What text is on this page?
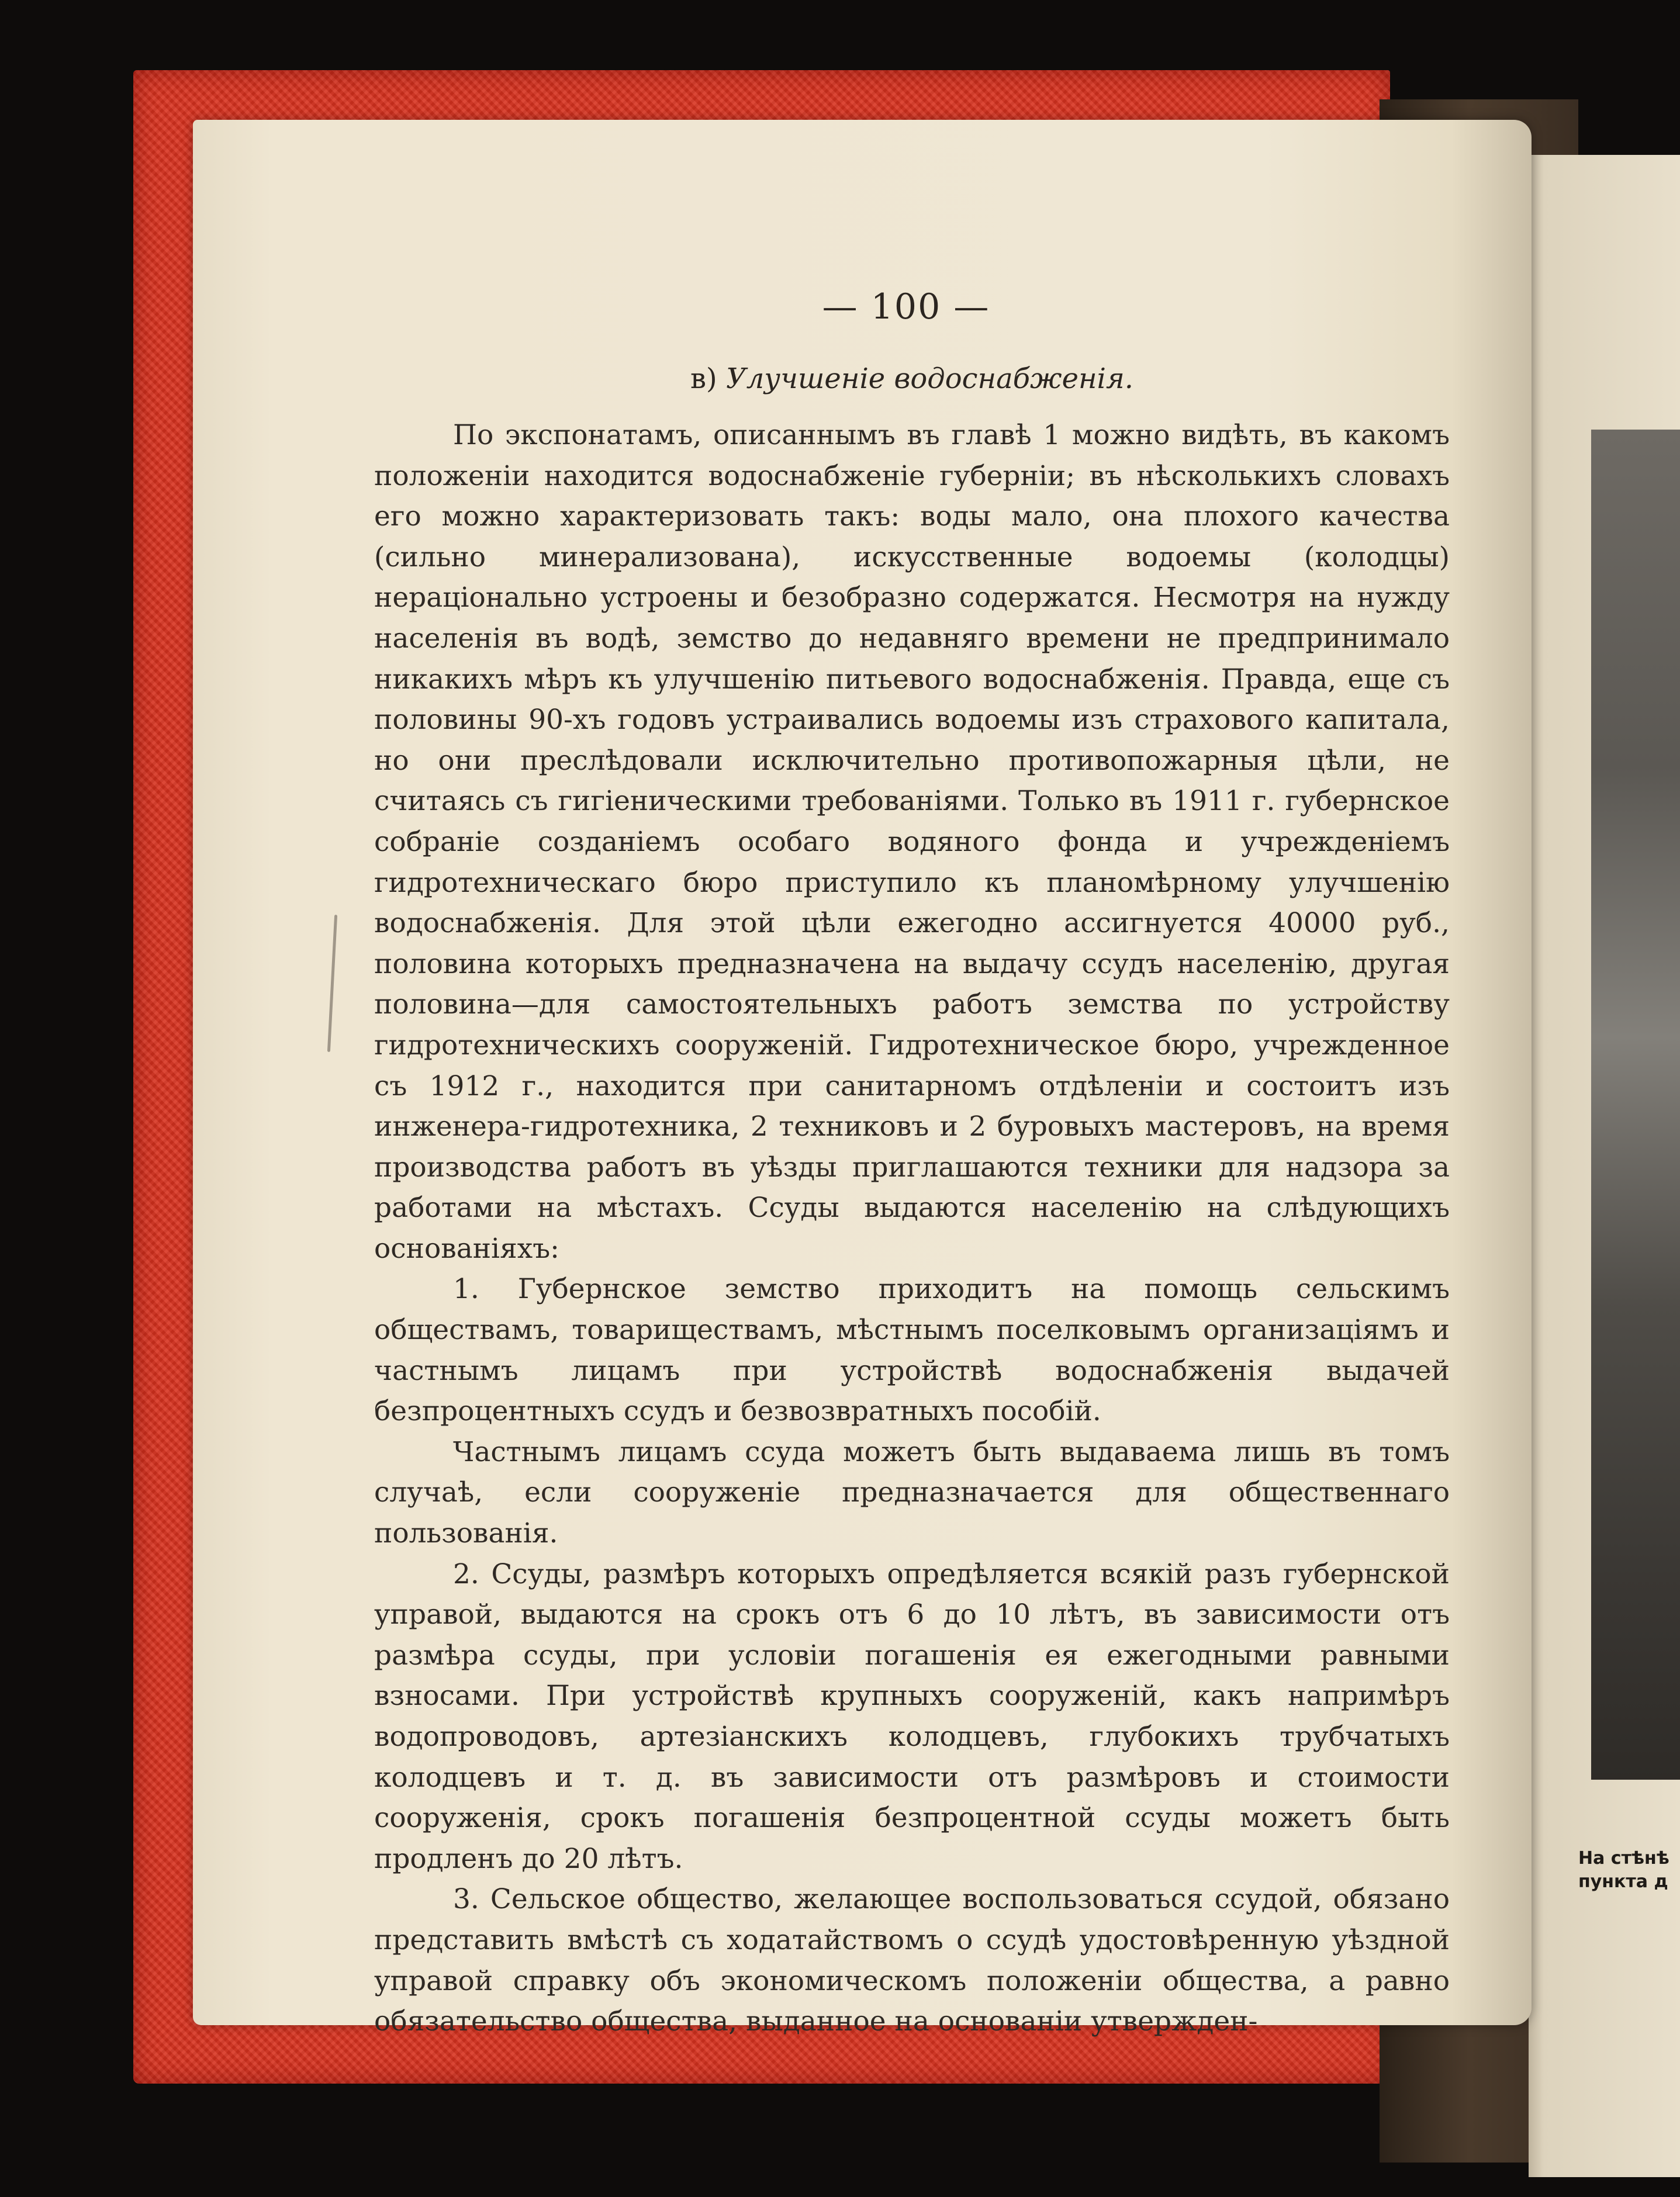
На стѣнѣ
пункта д
— 100 —
в) Улучшеніе водоснабженія.

По экспонатамъ, описаннымъ въ главѣ 1 можно видѣть, въ какомъ положеніи находится водоснабженіе губерніи; въ нѣсколькихъ словахъ его можно характеризовать такъ: воды мало, она плохого качества (сильно минерализована), искусственные водоемы (колодцы) нераціонально устроены и безобразно содержатся. Несмотря на нужду населенія въ водѣ, земство до недавняго времени не предпринимало никакихъ мѣръ къ улучшенію питьевого водоснабженія. Правда, еще съ половины 90-хъ годовъ устраивались водоемы изъ страхового капитала, но они преслѣдовали исключительно противопожарныя цѣли, не считаясь съ гигіеническими требованіями. Только въ 1911 г. губернское собраніе созданіемъ особаго водяного фонда и учрежденіемъ гидротехническаго бюро приступило къ планомѣрному улучшенію водоснабженія. Для этой цѣли ежегодно ассигнуется 40000 руб., половина которыхъ предназначена на выдачу ссудъ населенію, другая половина—для самостоятельныхъ работъ земства по устройству гидротехническихъ сооруженій. Гидротехническое бюро, учрежденное съ 1912 г., находится при санитарномъ отдѣленіи и состоитъ изъ инженера-гидротехника, 2 техниковъ и 2 буровыхъ мастеровъ, на время производства работъ въ уѣзды приглашаются техники для надзора за работами на мѣстахъ. Ссуды выдаются населенію на слѣдующихъ основаніяхъ:

1. Губернское земство приходитъ на помощь сельскимъ обществамъ, товариществамъ, мѣстнымъ поселковымъ организаціямъ и частнымъ лицамъ при устройствѣ водоснабженія выдачей безпроцентныхъ ссудъ и безвозвратныхъ пособій.

Частнымъ лицамъ ссуда можетъ быть выдаваема лишь въ томъ случаѣ, если сооруженіе предназначается для общественнаго пользованія.

2. Ссуды, размѣръ которыхъ опредѣляется всякій разъ губернской управой, выдаются на срокъ отъ 6 до 10 лѣтъ, въ зависимости отъ размѣра ссуды, при условіи погашенія ея ежегодными равными взносами. При устройствѣ крупныхъ сооруженій, какъ напримѣръ водопроводовъ, артезіанскихъ колодцевъ, глубокихъ трубчатыхъ колодцевъ и т. д. въ зависимости отъ размѣровъ и стоимости сооруженія, срокъ погашенія безпроцентной ссуды можетъ быть продленъ до 20 лѣтъ.

3. Сельское общество, желающее воспользоваться ссудой, обязано представить вмѣстѣ съ ходатайствомъ о ссудѣ удостовѣренную уѣздной управой справку объ экономическомъ положеніи общества, а равно обязательство общества, выданное на основаніи утвержден-
